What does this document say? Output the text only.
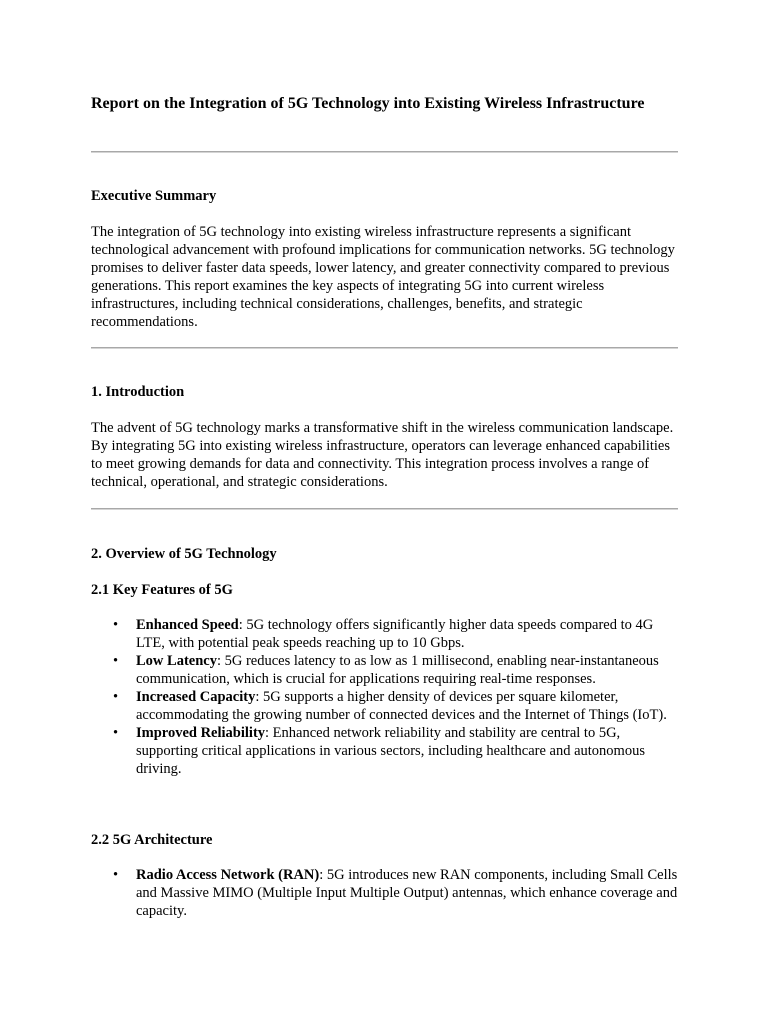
Report on the Integration of 5G Technology into Existing Wireless Infrastructure
Executive Summary

The integration of 5G technology into existing wireless infrastructure represents a significant technological advancement with profound implications for communication networks. 5G technology promises to deliver faster data speeds, lower latency, and greater connectivity compared to previous generations. This report examines the key aspects of integrating 5G into current wireless infrastructures, including technical considerations, challenges, benefits, and strategic recommendations.

1. Introduction

The advent of 5G technology marks a transformative shift in the wireless communication landscape. By integrating 5G into existing wireless infrastructure, operators can leverage enhanced capabilities to meet growing demands for data and connectivity. This integration process involves a range of technical, operational, and strategic considerations.

2. Overview of 5G Technology
2.1 Key Features of 5G
• Enhanced Speed: 5G technology offers significantly higher data speeds compared to 4G LTE, with potential peak speeds reaching up to 10 Gbps.
• Low Latency: 5G reduces latency to as low as 1 millisecond, enabling near-instantaneous communication, which is crucial for applications requiring real-time responses.
• Increased Capacity: 5G supports a higher density of devices per square kilometer, accommodating the growing number of connected devices and the Internet of Things (IoT).
• Improved Reliability: Enhanced network reliability and stability are central to 5G, supporting critical applications in various sectors, including healthcare and autonomous driving.
2.2 5G Architecture
• Radio Access Network (RAN): 5G introduces new RAN components, including Small Cells and Massive MIMO (Multiple Input Multiple Output) antennas, which enhance coverage and capacity.
